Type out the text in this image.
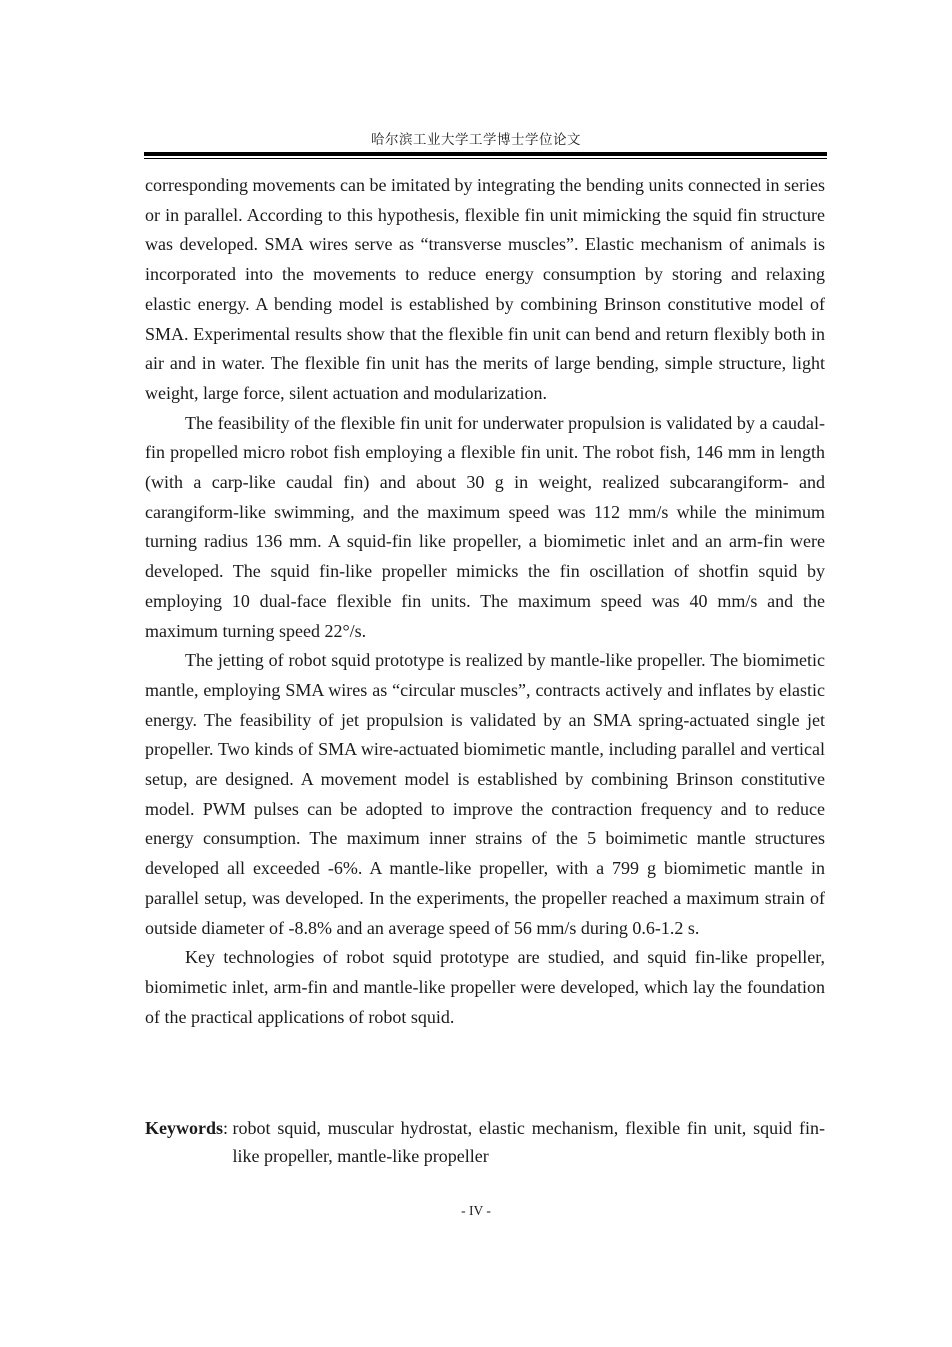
哈尔滨工业大学工学博士学位论文

corresponding movements can be imitated by integrating the bending units connected in series or in parallel. According to this hypothesis, flexible fin unit mimicking the squid fin structure was developed. SMA wires serve as “transverse muscles”. Elastic mechanism of animals is incorporated into the movements to reduce energy consumption by storing and relaxing elastic energy. A bending model is established by combining Brinson constitutive model of SMA. Experimental results show that the flexible fin unit can bend and return flexibly both in air and in water. The flexible fin unit has the merits of large bending, simple structure, light weight, large force, silent actuation and modularization.

The feasibility of the flexible fin unit for underwater propulsion is validated by a caudal-fin propelled micro robot fish employing a flexible fin unit. The robot fish, 146 mm in length (with a carp-like caudal fin) and about 30 g in weight, realized subcarangiform- and carangiform-like swimming, and the maximum speed was 112 mm/s while the minimum turning radius 136 mm. A squid-fin like propeller, a biomimetic inlet and an arm-fin were developed. The squid fin-like propeller mimicks the fin oscillation of shotfin squid by employing 10 dual-face flexible fin units. The maximum speed was 40 mm/s and the maximum turning speed 22°/s.

The jetting of robot squid prototype is realized by mantle-like propeller. The biomimetic mantle, employing SMA wires as “circular muscles”, contracts actively and inflates by elastic energy. The feasibility of jet propulsion is validated by an SMA spring-actuated single jet propeller. Two kinds of SMA wire-actuated biomimetic mantle, including parallel and vertical setup, are designed. A movement model is established by combining Brinson constitutive model. PWM pulses can be adopted to improve the contraction frequency and to reduce energy consumption. The maximum inner strains of the 5 boimimetic mantle structures developed all exceeded -6%. A mantle-like propeller, with a 799 g biomimetic mantle in parallel setup, was developed. In the experiments, the propeller reached a maximum strain of outside diameter of -8.8% and an average speed of 56 mm/s during 0.6-1.2 s.

Key technologies of robot squid prototype are studied, and squid fin-like propeller, biomimetic inlet, arm-fin and mantle-like propeller were developed, which lay the foundation of the practical applications of robot squid.

Keywords :
robot squid, muscular hydrostat, elastic mechanism, flexible fin unit, squid fin-like propeller, mantle-like propeller
- IV -
